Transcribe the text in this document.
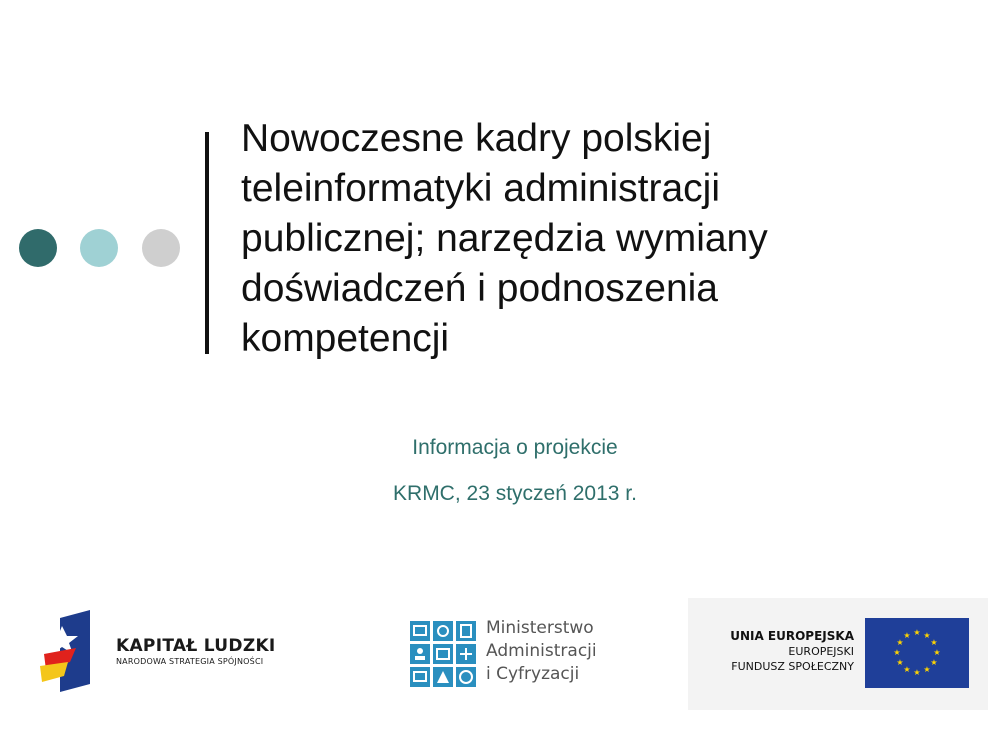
Nowoczesne kadry polskiej
teleinformatyki administracji
publicznej; narzędzia wymiany
doświadczeń i podnoszenia
kompetencji
Informacja o projekcie
KRMC, 23 styczeń 2013 r.
KAPITAŁ LUDZKI
NARODOWA STRATEGIA SPÓJNOŚCI
Ministerstwo
Administracji
i Cyfryzacji
UNIA EUROPEJSKA
EUROPEJSKI
FUNDUSZ SPOŁECZNY
★ ★
★
★
★
★
★
★
★
★
★
★
